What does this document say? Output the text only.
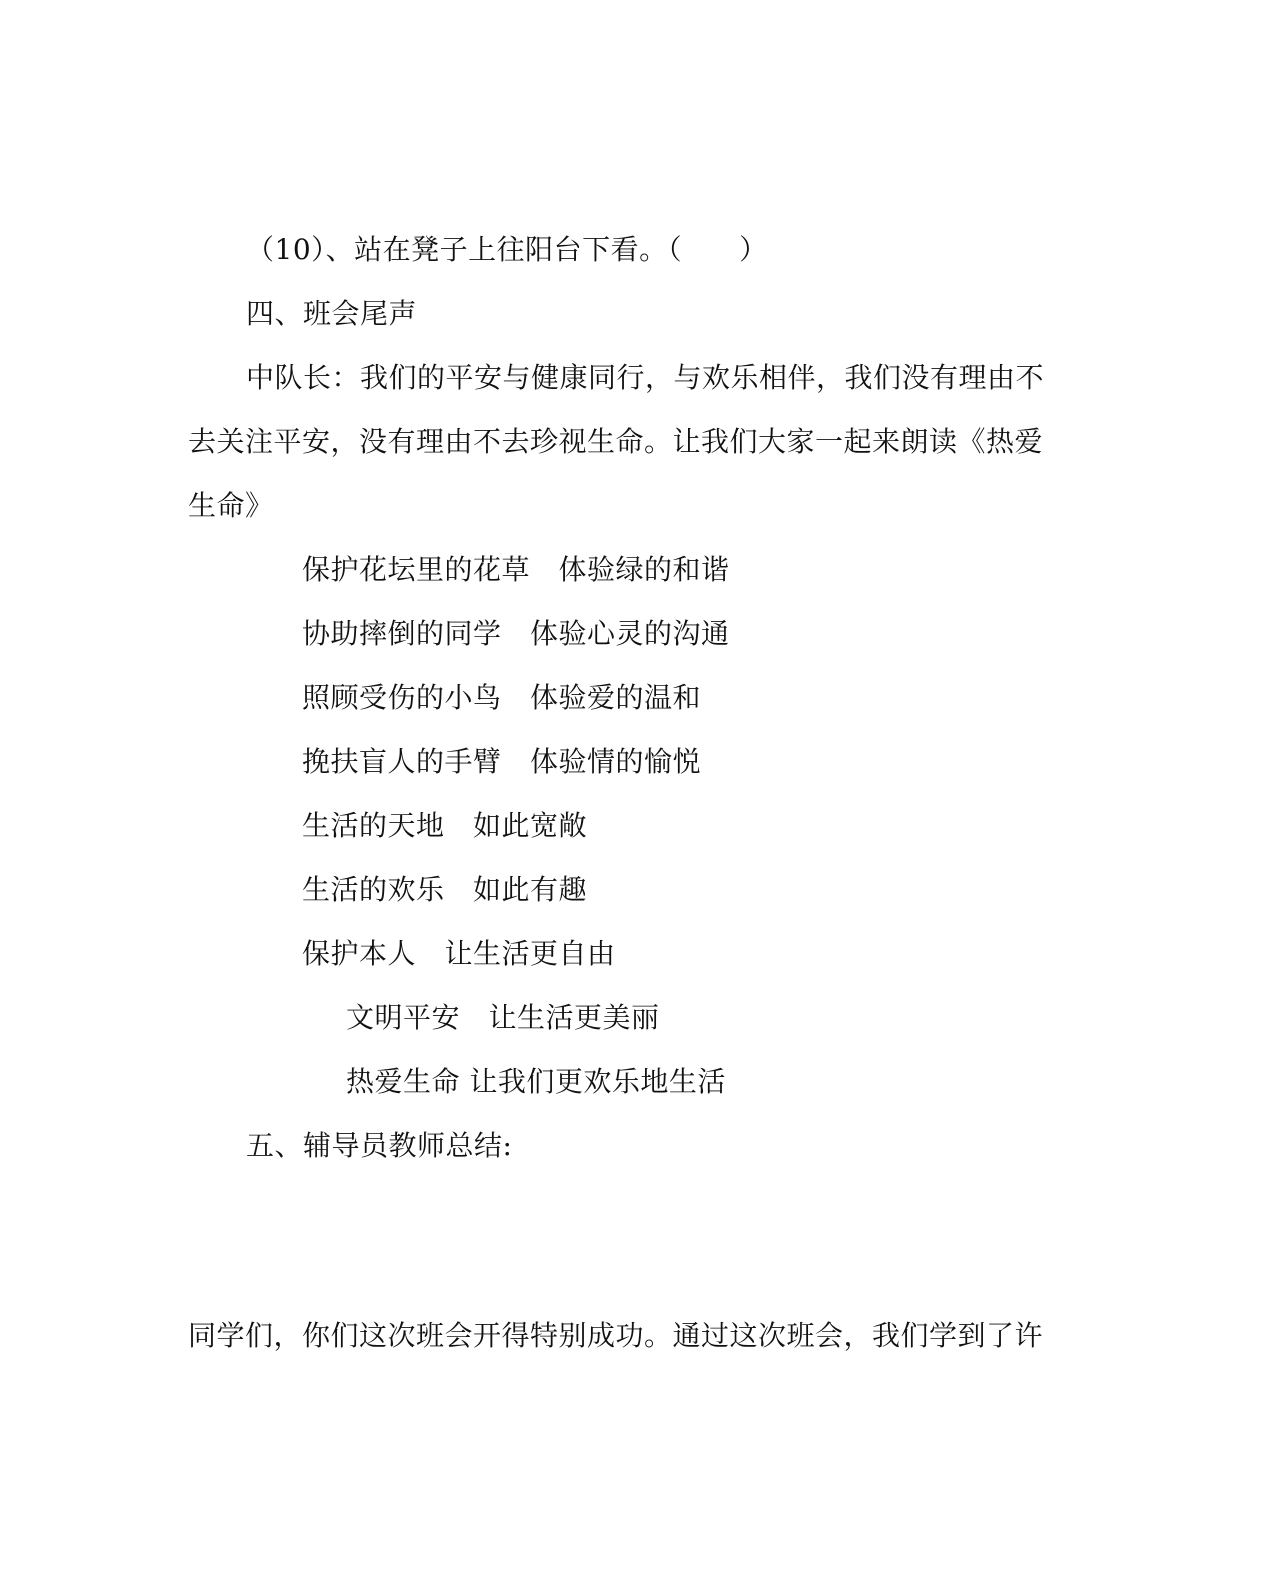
（10）、站在凳子上往阳台下看。（　　）
四、班会尾声
中队长：我们的平安与健康同行，与欢乐相伴，我们没有理由不
去关注平安，没有理由不去珍视生命。让我们大家一起来朗读《热爱
生命》
保护花坛里的花草　体验绿的和谐
协助摔倒的同学　体验心灵的沟通
照顾受伤的小鸟　体验爱的温和
挽扶盲人的手臂　体验情的愉悦
生活的天地　如此宽敞
生活的欢乐　如此有趣
保护本人　让生活更自由
文明平安　让生活更美丽
热爱生命 让我们更欢乐地生活
五、辅导员教师总结:
同学们，你们这次班会开得特别成功。通过这次班会，我们学到了许
